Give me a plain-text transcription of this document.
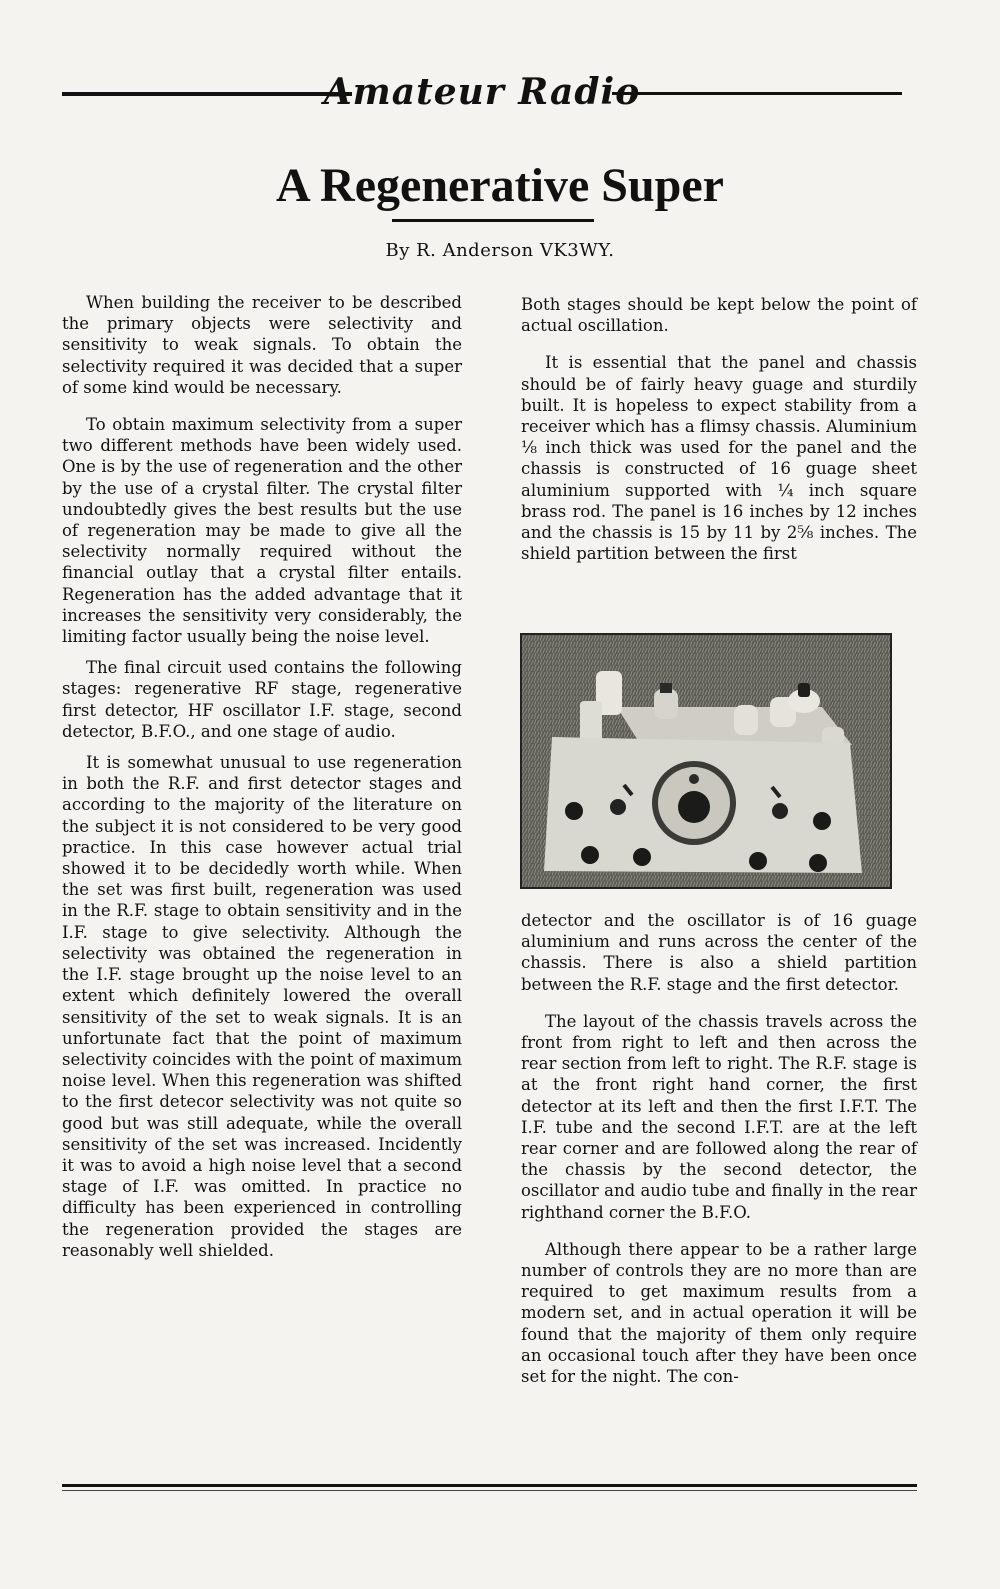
Amateur Radio
A Regenerative Super
By R. Anderson VK3WY.

When building the receiver to be described the primary objects were selectivity and sensitivity to weak signals. To obtain the selectivity required it was decided that a super of some kind would be necessary.

To obtain maximum selectivity from a super two different methods have been widely used. One is by the use of regeneration and the other by the use of a crystal filter. The crystal filter undoubtedly gives the best results but the use of regeneration may be made to give all the selectivity normally required without the financial outlay that a crystal filter entails. Regeneration has the added advantage that it increases the sensitivity very considerably, the limiting factor usually being the noise level.

The final circuit used contains the following stages: regenerative RF stage, regenerative first detector, HF oscillator I.F. stage, second detector, B.F.O., and one stage of audio.

It is somewhat unusual to use regeneration in both the R.F. and first detector stages and according to the majority of the literature on the subject it is not considered to be very good practice. In this case however actual trial showed it to be decidedly worth while. When the set was first built, regeneration was used in the R.F. stage to obtain sensitivity and in the I.F. stage to give selectivity. Although the selectivity was obtained the regeneration in the I.F. stage brought up the noise level to an extent which definitely lowered the overall sensitivity of the set to weak signals. It is an unfortunate fact that the point of maximum selectivity coincides with the point of maximum noise level. When this regeneration was shifted to the first detecor selectivity was not quite so good but was still adequate, while the overall sensitivity of the set was increased. Incidently it was to avoid a high noise level that a second stage of I.F. was omitted. In practice no difficulty has been experienced in controlling the regeneration provided the stages are reasonably well shielded.

Both stages should be kept below the point of actual oscillation.

It is essential that the panel and chassis should be of fairly heavy guage and sturdily built. It is hopeless to expect stability from a receiver which has a flimsy chassis. Aluminium ⅛ inch thick was used for the panel and the chassis is constructed of 16 guage sheet aluminium supported with ¼ inch square brass rod. The panel is 16 inches by 12 inches and the chassis is 15 by 11 by 2⅝ inches. The shield partition between the first

detector and the oscillator is of 16 guage aluminium and runs across the center of the chassis. There is also a shield partition between the R.F. stage and the first detector.

The layout of the chassis travels across the front from right to left and then across the rear section from left to right. The R.F. stage is at the front right hand corner, the first detector at its left and then the first I.F.T. The I.F. tube and the second I.F.T. are at the left rear corner and are followed along the rear of the chassis by the second detector, the oscillator and audio tube and finally in the rear righthand corner the B.F.O.

Although there appear to be a rather large number of controls they are no more than are required to get maximum results from a modern set, and in actual operation it will be found that the majority of them only require an occasional touch after they have been once set for the night. The con-
